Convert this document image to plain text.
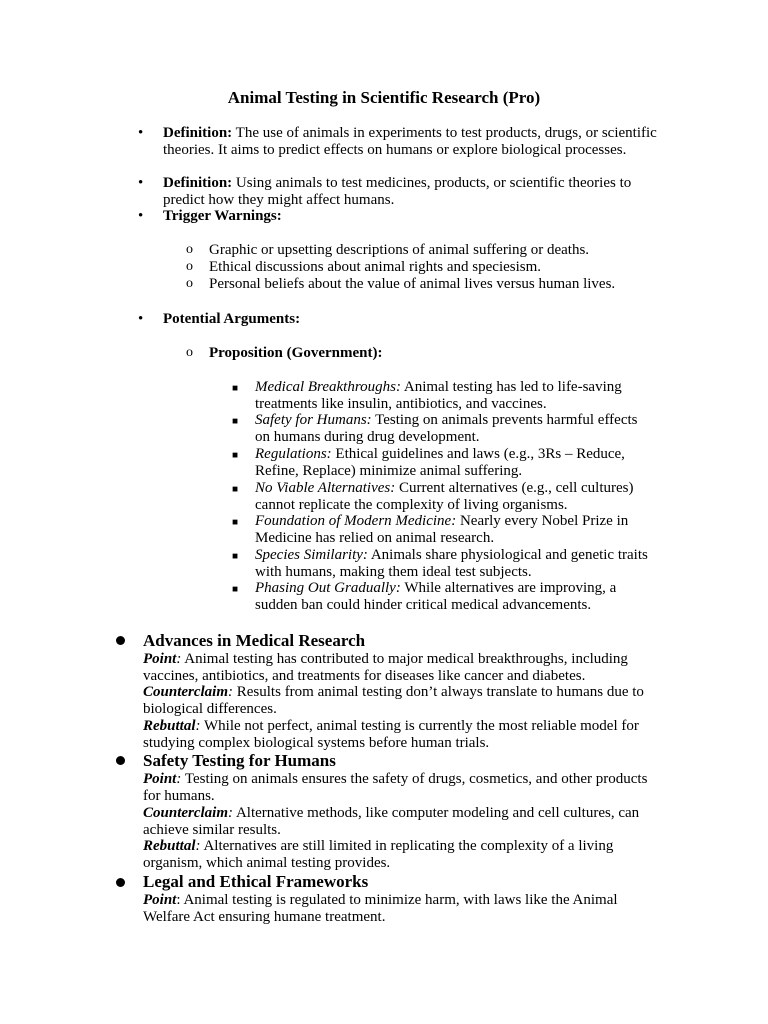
Animal Testing in Scientific Research (Pro)
• Definition: The use of animals in experiments to test products, drugs, or scientific theories. It aims to predict effects on humans or explore biological processes.
• Definition: Using animals to test medicines, products, or scientific theories to predict how they might affect humans.
• Trigger Warnings:
o Graphic or upsetting descriptions of animal suffering or deaths.
o Ethical discussions about animal rights and speciesism.
o Personal beliefs about the value of animal lives versus human lives.
• Potential Arguments:
o Proposition (Government):
■ Medical Breakthroughs: Animal testing has led to life-saving treatments like insulin, antibiotics, and vaccines.
■ Safety for Humans: Testing on animals prevents harmful effects on humans during drug development.
■ Regulations: Ethical guidelines and laws (e.g., 3Rs – Reduce, Refine, Replace) minimize animal suffering.
■ No Viable Alternatives: Current alternatives (e.g., cell cultures) cannot replicate the complexity of living organisms.
■ Foundation of Modern Medicine: Nearly every Nobel Prize in Medicine has relied on animal research.
■ Species Similarity: Animals share physiological and genetic traits with humans, making them ideal test subjects.
■ Phasing Out Gradually: While alternatives are improving, a sudden ban could hinder critical medical advancements.
Advances in Medical Research
Point: Animal testing has contributed to major medical breakthroughs, including vaccines, antibiotics, and treatments for diseases like cancer and diabetes.
Counterclaim: Results from animal testing don’t always translate to humans due to biological differences.
Rebuttal: While not perfect, animal testing is currently the most reliable model for studying complex biological systems before human trials.
Safety Testing for Humans
Point: Testing on animals ensures the safety of drugs, cosmetics, and other products for humans.
Counterclaim: Alternative methods, like computer modeling and cell cultures, can achieve similar results.
Rebuttal: Alternatives are still limited in replicating the complexity of a living organism, which animal testing provides.
Legal and Ethical Frameworks
Point: Animal testing is regulated to minimize harm, with laws like the Animal Welfare Act ensuring humane treatment.
